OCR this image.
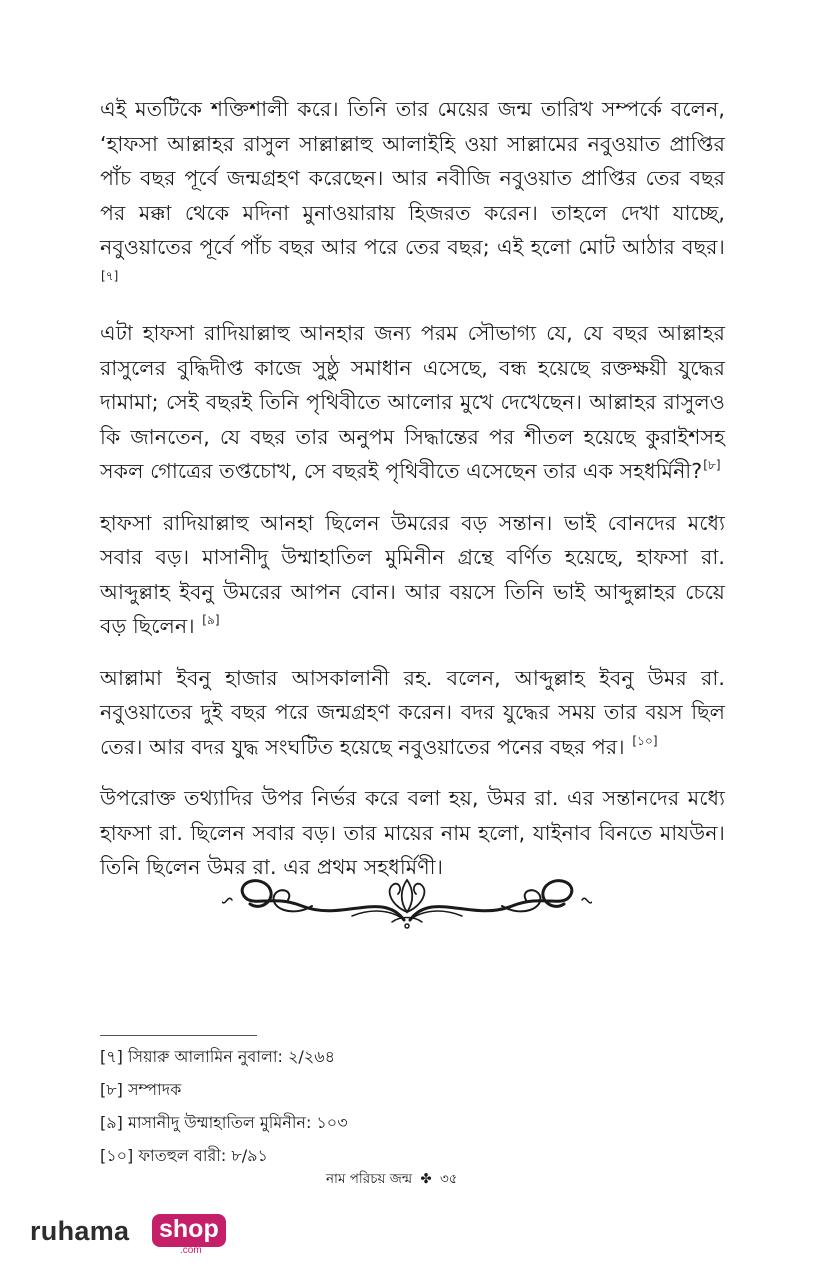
এই মতটিকে শক্তিশালী করে। তিনি তার মেয়ের জন্ম তারিখ সম্পর্কে বলেন, ‘হাফসা আল্লাহর রাসুল সাল্লাল্লাহু আলাইহি ওয়া সাল্লামের নবুওয়াত প্রাপ্তির পাঁচ বছর পূর্বে জন্মগ্রহণ করেছেন। আর নবীজি নবুওয়াত প্রাপ্তির তের বছর পর মক্কা থেকে মদিনা মুনাওয়ারায় হিজরত করেন। তাহলে দেখা যাচ্ছে, নবুওয়াতের পূর্বে পাঁচ বছর আর পরে তের বছর; এই হলো মোট আঠার বছর।[৭]

এটা হাফসা রাদিয়াল্লাহু আনহার জন্য পরম সৌভাগ্য যে, যে বছর আল্লাহর রাসুলের বুদ্ধিদীপ্ত কাজে সুষ্ঠু সমাধান এসেছে, বন্ধ হয়েছে রক্তক্ষয়ী যুদ্ধের দামামা; সেই বছরই তিনি পৃথিবীতে আলোর মুখে দেখেছেন। আল্লাহর রাসুলও কি জানতেন, যে বছর তার অনুপম সিদ্ধান্তের পর শীতল হয়েছে কুরাইশসহ সকল গোত্রের তপ্তচোখ, সে বছরই পৃথিবীতে এসেছেন তার এক সহধর্মিনী?[৮]

হাফসা রাদিয়াল্লাহু আনহা ছিলেন উমরের বড় সন্তান। ভাই বোনদের মধ্যে সবার বড়। মাসানীদু উম্মাহাতিল মুমিনীন গ্রন্থে বর্ণিত হয়েছে, হাফসা রা. আব্দুল্লাহ ইবনু উমরের আপন বোন। আর বয়সে তিনি ভাই আব্দুল্লাহর চেয়ে বড় ছিলেন। [৯]

আল্লামা ইবনু হাজার আসকালানী রহ. বলেন, আব্দুল্লাহ ইবনু উমর রা. নবুওয়াতের দুই বছর পরে জন্মগ্রহণ করেন। বদর যুদ্ধের সময় তার বয়স ছিল তের। আর বদর যুদ্ধ সংঘটিত হয়েছে নবুওয়াতের পনের বছর পর। [১০]

উপরোক্ত তথ্যাদির উপর নির্ভর করে বলা হয়, উমর রা. এর সন্তানদের মধ্যে হাফসা রা. ছিলেন সবার বড়। তার মায়ের নাম হলো, যাইনাব বিনতে মাযউন। তিনি ছিলেন উমর রা. এর প্রথম সহধর্মিণী।

[৭] সিয়ারু আলামিন নুবালা: ২/২৬৪

[৮] সম্পাদক

[৯] মাসানীদু উম্মাহাতিল মুমিনীন: ১০৩

[১০] ফাতহুল বারী: ৮/৯১

নাম পরিচয় জন্ম ✤ ৩৫
ruhama shop
.com
